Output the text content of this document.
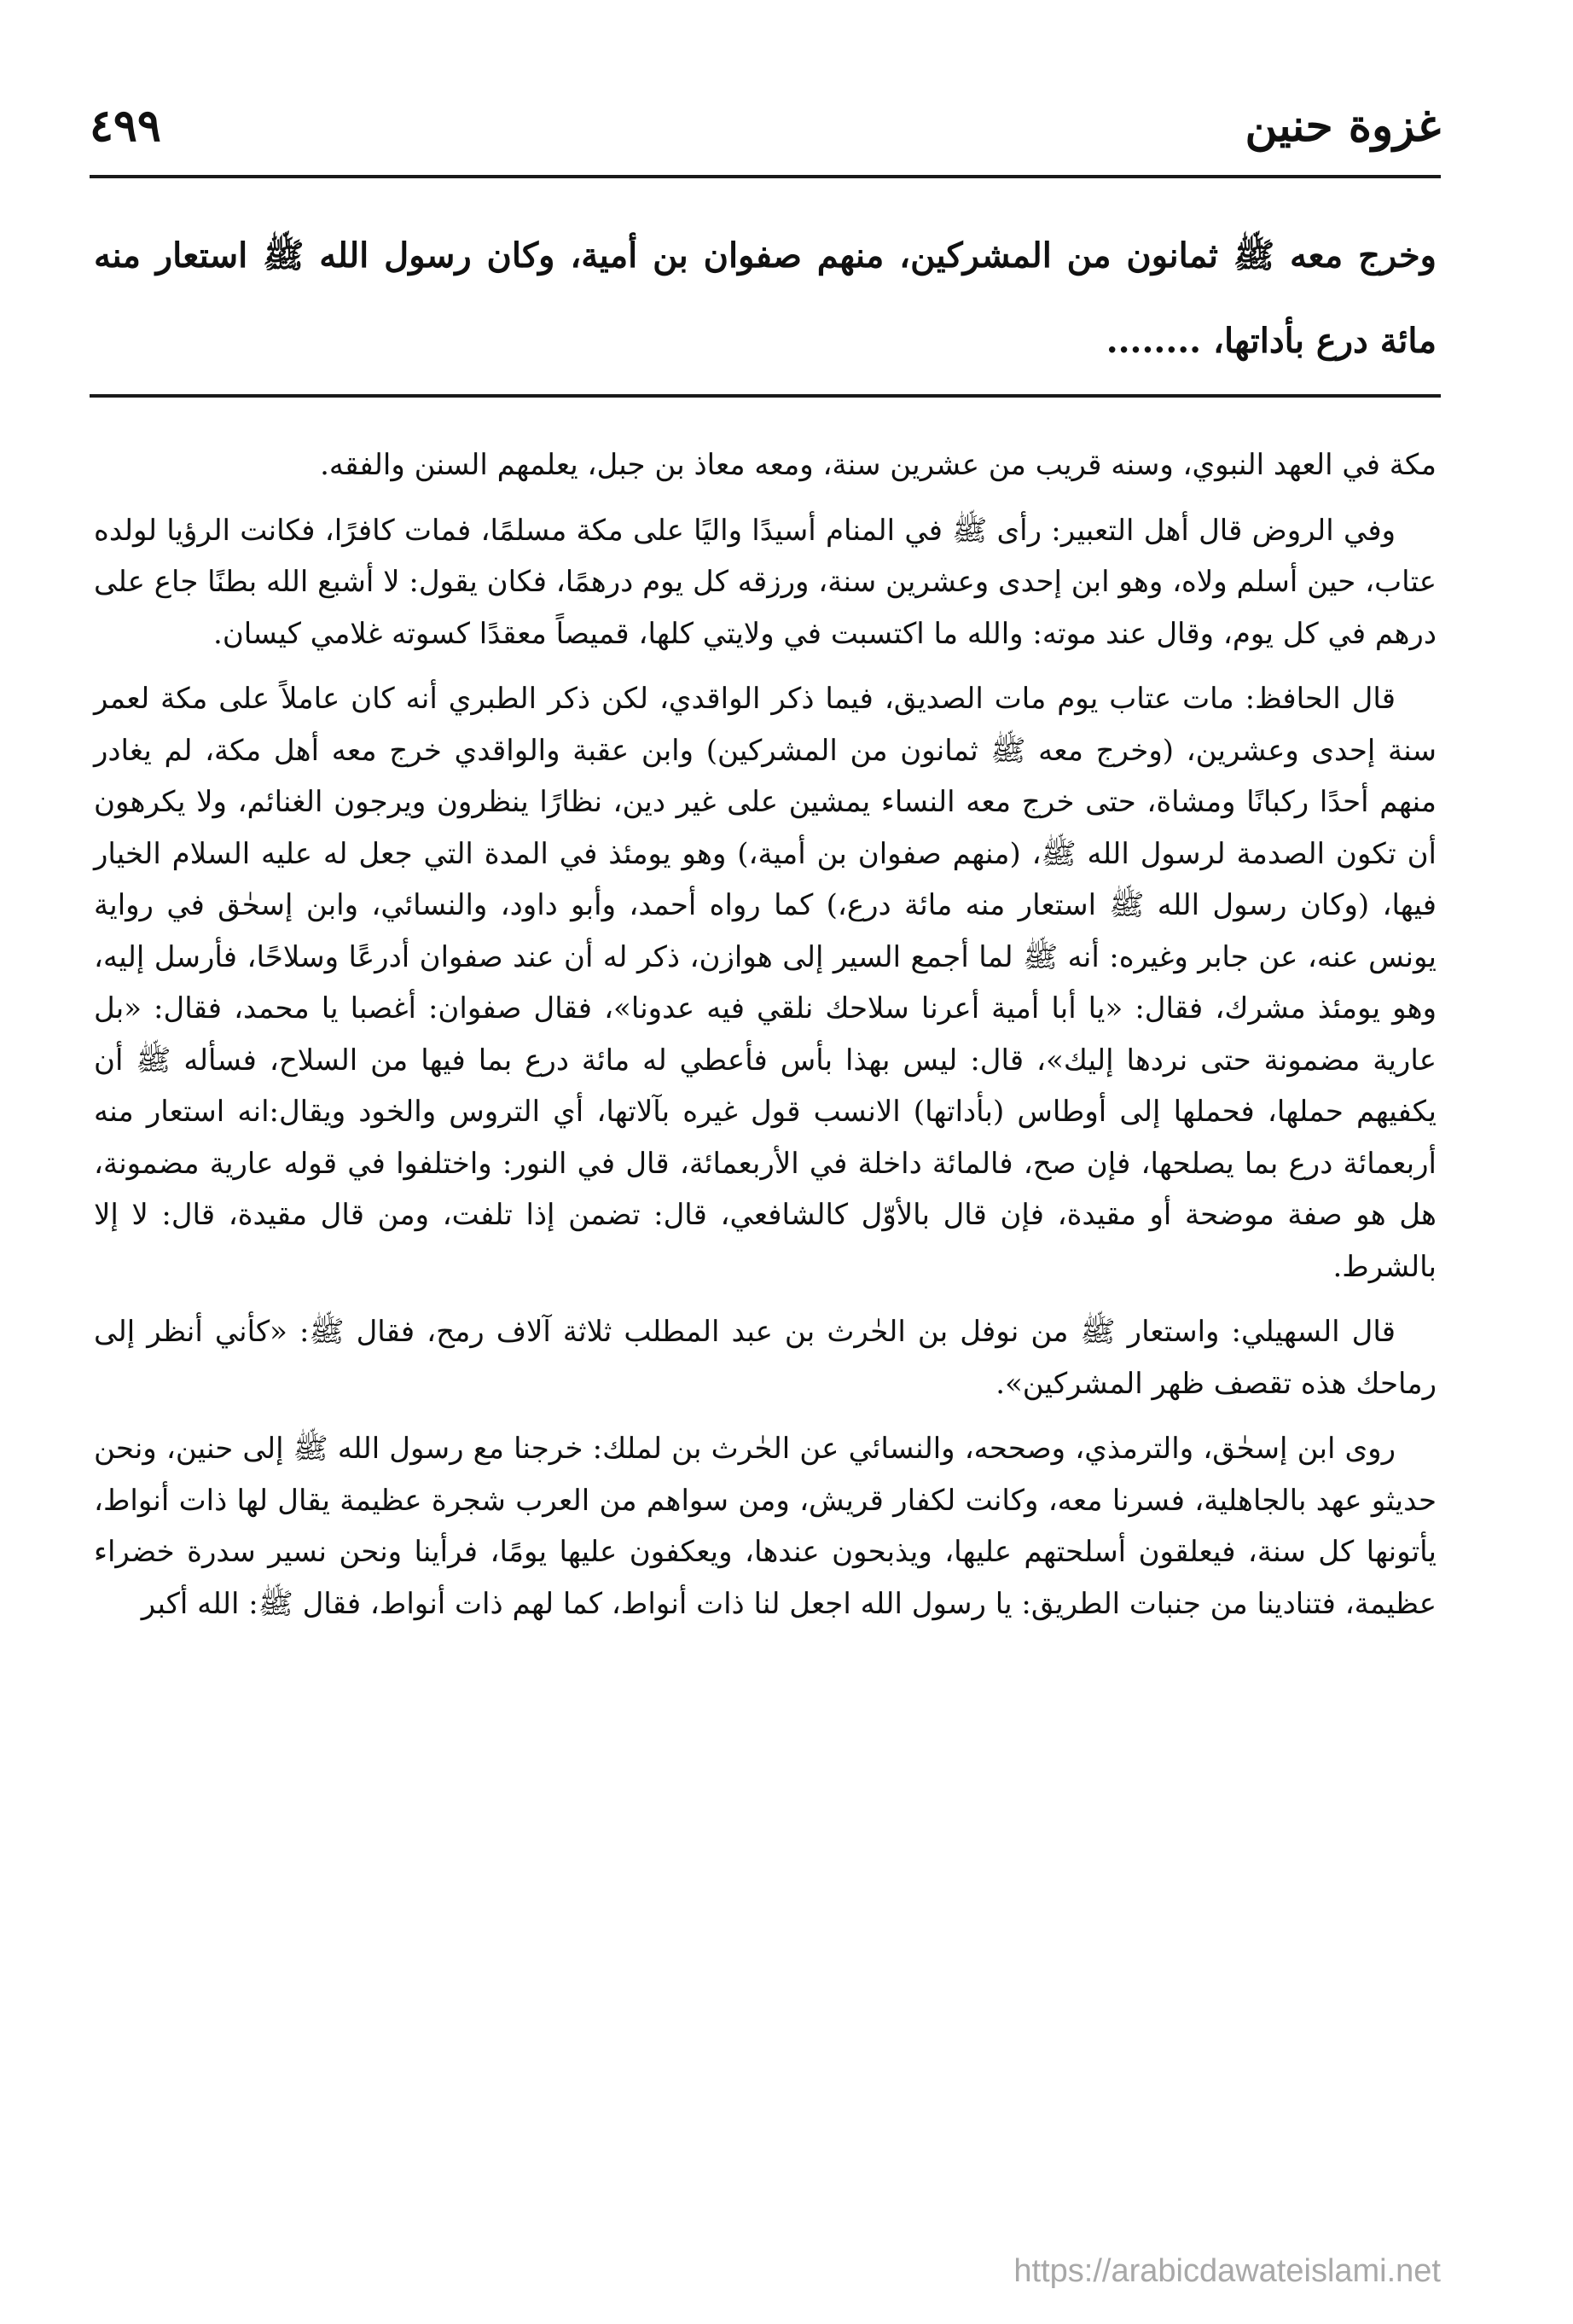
غزوة حنين
٤٩٩
وخرج معه ﷺ ثمانون من المشركين، منهم صفوان بن أمية، وكان رسول الله ﷺ استعار منه مائة درع بأداتها، ........

مكة في العهد النبوي، وسنه قريب من عشرين سنة، ومعه معاذ بن جبل، يعلمهم السنن والفقه.

وفي الروض قال أهل التعبير: رأى ﷺ في المنام أسيدًا واليًا على مكة مسلمًا، فمات كافرًا، فكانت الرؤيا لولده عتاب، حين أسلم ولاه، وهو ابن إحدى وعشرين سنة، ورزقه كل يوم درهمًا، فكان يقول: لا أشبع الله بطنًا جاع على درهم في كل يوم، وقال عند موته: والله ما اكتسبت في ولايتي كلها، قميصاً معقدًا كسوته غلامي كيسان.

قال الحافظ: مات عتاب يوم مات الصديق، فيما ذكر الواقدي، لكن ذكر الطبري أنه كان عاملاً على مكة لعمر سنة إحدى وعشرين، (وخرج معه ﷺ ثمانون من المشركين) وابن عقبة والواقدي خرج معه أهل مكة، لم يغادر منهم أحدًا ركبانًا ومشاة، حتى خرج معه النساء يمشين على غير دين، نظارًا ينظرون ويرجون الغنائم، ولا يكرهون أن تكون الصدمة لرسول الله ﷺ، (منهم صفوان بن أمية،) وهو يومئذ في المدة التي جعل له عليه السلام الخيار فيها، (وكان رسول الله ﷺ استعار منه مائة درع،) كما رواه أحمد، وأبو داود، والنسائي، وابن إسحٰق في رواية يونس عنه، عن جابر وغيره: أنه ﷺ لما أجمع السير إلى هوازن، ذكر له أن عند صفوان أدرعًا وسلاحًا، فأرسل إليه، وهو يومئذ مشرك، فقال: «يا أبا أمية أعرنا سلاحك نلقي فيه عدونا»، فقال صفوان: أغصبا يا محمد، فقال: «بل عارية مضمونة حتى نردها إليك»، قال: ليس بهذا بأس فأعطي له مائة درع بما فيها من السلاح، فسأله ﷺ أن يكفيهم حملها، فحملها إلى أوطاس (بأداتها) الانسب قول غيره بآلاتها، أي التروس والخود ويقال:انه استعار منه أربعمائة درع بما يصلحها، فإن صح، فالمائة داخلة في الأربعمائة، قال في النور: واختلفوا في قوله عارية مضمونة، هل هو صفة موضحة أو مقيدة، فإن قال بالأوّل كالشافعي، قال: تضمن إذا تلفت، ومن قال مقيدة، قال: لا إلا بالشرط.

قال السهيلي: واستعار ﷺ من نوفل بن الحٰرث بن عبد المطلب ثلاثة آلاف رمح، فقال ﷺ: «كأني أنظر إلى رماحك هذه تقصف ظهر المشركين».

روى ابن إسحٰق، والترمذي، وصححه، والنسائي عن الحٰرث بن لملك: خرجنا مع رسول الله ﷺ إلى حنين، ونحن حديثو عهد بالجاهلية، فسرنا معه، وكانت لكفار قريش، ومن سواهم من العرب شجرة عظيمة يقال لها ذات أنواط، يأتونها كل سنة، فيعلقون أسلحتهم عليها، ويذبحون عندها، ويعكفون عليها يومًا، فرأينا ونحن نسير سدرة خضراء عظيمة، فتنادينا من جنبات الطريق: يا رسول الله اجعل لنا ذات أنواط، كما لهم ذات أنواط، فقال ﷺ: الله أكبر

https://arabicdawateislami.net
